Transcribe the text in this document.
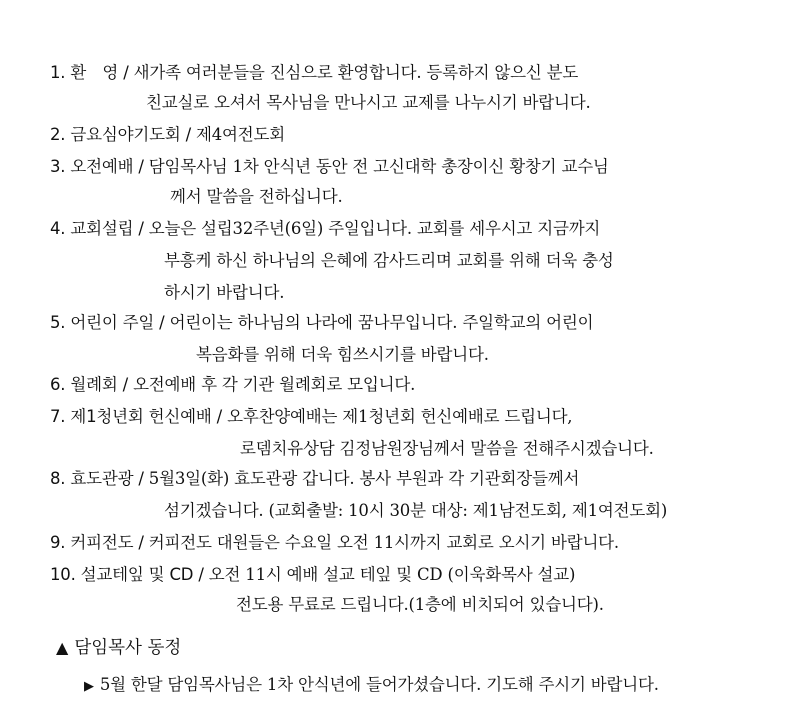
1. 환　영 / 새가족 여러분들을 진심으로 환영합니다. 등록하지 않으신 분도
친교실로 오셔서 목사님을 만나시고 교제를 나누시기 바랍니다.
2. 금요심야기도회 / 제4여전도회
3. 오전예배 / 담임목사님 1차 안식년 동안 전 고신대학 총장이신 황창기 교수님
께서 말씀을 전하십니다.
4. 교회설립 / 오늘은 설립32주년(6일) 주일입니다. 교회를 세우시고 지금까지
부흥케 하신 하나님의 은혜에 감사드리며 교회를 위해 더욱 충성
하시기 바랍니다.
5. 어린이 주일 / 어린이는 하나님의 나라에 꿈나무입니다. 주일학교의 어린이
복음화를 위해 더욱 힘쓰시기를 바랍니다.
6. 월례회 / 오전예배 후 각 기관 월례회로 모입니다.
7. 제1청년회 헌신예배 / 오후찬양예배는 제1청년회 헌신예배로 드립니다,
로뎀치유상담 김정남원장님께서 말씀을 전해주시겠습니다.
8. 효도관광 / 5월3일(화) 효도관광 갑니다. 봉사 부원과 각 기관회장들께서
섬기겠습니다. (교회출발: 10시 30분 대상: 제1남전도회, 제1여전도회)
9. 커피전도 / 커피전도 대원들은 수요일 오전 11시까지 교회로 오시기 바랍니다.
10. 설교테잎 및 CD / 오전 11시 예배 설교 테잎 및 CD (이욱화목사 설교)
전도용 무료로 드립니다.(1층에 비치되어 있습니다).
▲ 담임목사 동정
▶ 5월 한달 담임목사님은 1차 안식년에 들어가셨습니다. 기도해 주시기 바랍니다.
